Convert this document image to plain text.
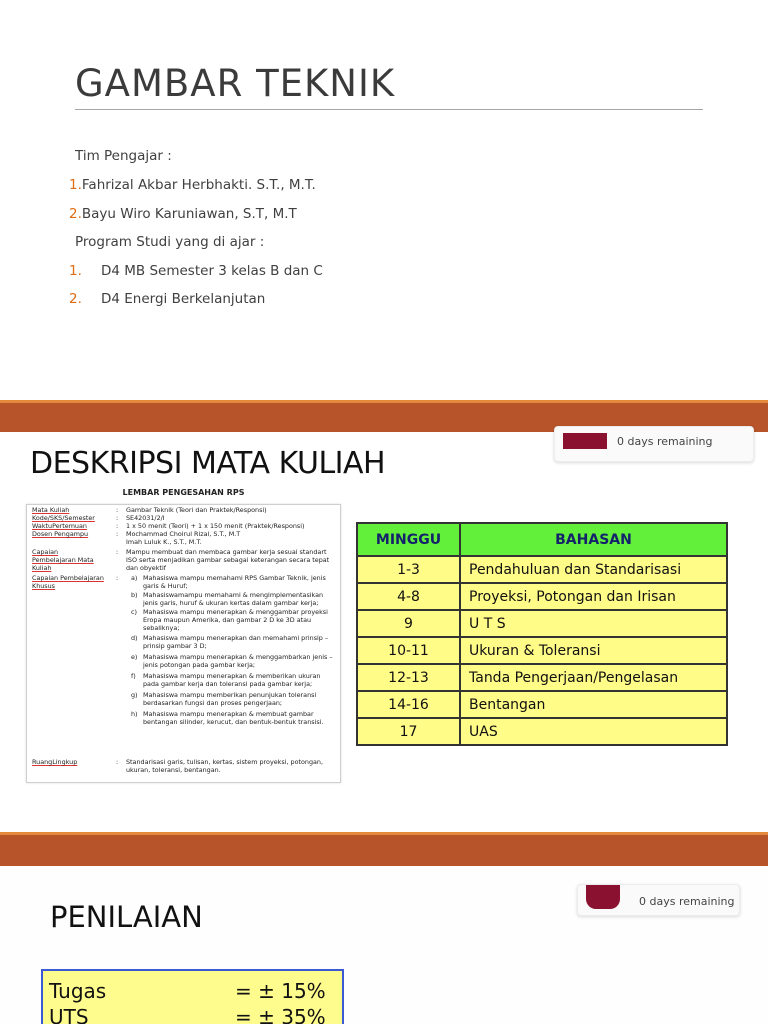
GAMBAR TEKNIK
Tim Pengajar :
1.Fahrizal Akbar Herbhakti. S.T., M.T.
2.Bayu Wiro Karuniawan, S.T, M.T
Program Studi yang di ajar :
1. D4 MB Semester 3 kelas B dan C
2. D4 Energi Berkelanjutan
DESKRIPSI MATA KULIAH
0 days remaining
LEMBAR PENGESAHAN RPS
Mata Kuliah	:	Gambar Teknik (Teori dan Praktek/Responsi)
Kode/SKS/Semester	:	SE42031/2/I
WaktuPertemuan	:	1 x 50 menit (Teori) + 1 x 150 menit (Praktek/Responsi)
Dosen Pengampu	:	Mochammad Choirul Rizal, S.T., M.T
Imah Luluk K., S.T., M.T.
Capaian	:	Mampu membuat dan membaca gambar kerja sesuai standart
Pembelajaran Mata	ISO serta menjadikan gambar sebagai keterangan secara tepat
Kuliah	dan obyektif
Capaian Pembelajaran Khusus
:	a) Mahasiswa mampu memahami RPS Gambar Teknik, jenis garis & Huruf;
b) Mahasiswamampu memahami & mengimplementasikan jenis garis, huruf & ukuran kertas dalam gambar kerja;
c) Mahasiswa mampu menerapkan & menggambar proyeksi Eropa maupun Amerika, dan gambar 2 D ke 3D atau sebaliknya;
d) Mahasiswa mampu menerapkan dan memahami prinsip – prinsip gambar 3 D;
e) Mahasiswa mampu menerapkan & menggambarkan jenis – jenis potongan pada gambar kerja;
f)	Mahasiswa mampu menerapkan & memberikan ukuran pada gambar kerja dan toleransi pada gambar kerja;
g) Mahasiswa mampu memberikan penunjukan toleransi berdasarkan fungsi dan proses pengerjaan;
h) Mahasiswa mampu menerapkan & membuat gambar bentangan silinder, kerucut, dan bentuk-bentuk transisi.
RuangLingkup	:	Standarisasi garis, tulisan, kertas, sistem proyeksi, potongan, ukuran, toleransi, bentangan.
MINGGU	BAHASAN
1-3	Pendahuluan dan Standarisasi
4-8	Proyeksi, Potongan dan Irisan
9	U T S
10-11	Ukuran & Toleransi
12-13	Tanda Pengerjaan/Pengelasan
14-16	Bentangan
17	UAS
0 days remaining
PENILAIAN
Tugas	= ± 15%
UTS	= ± 35%
